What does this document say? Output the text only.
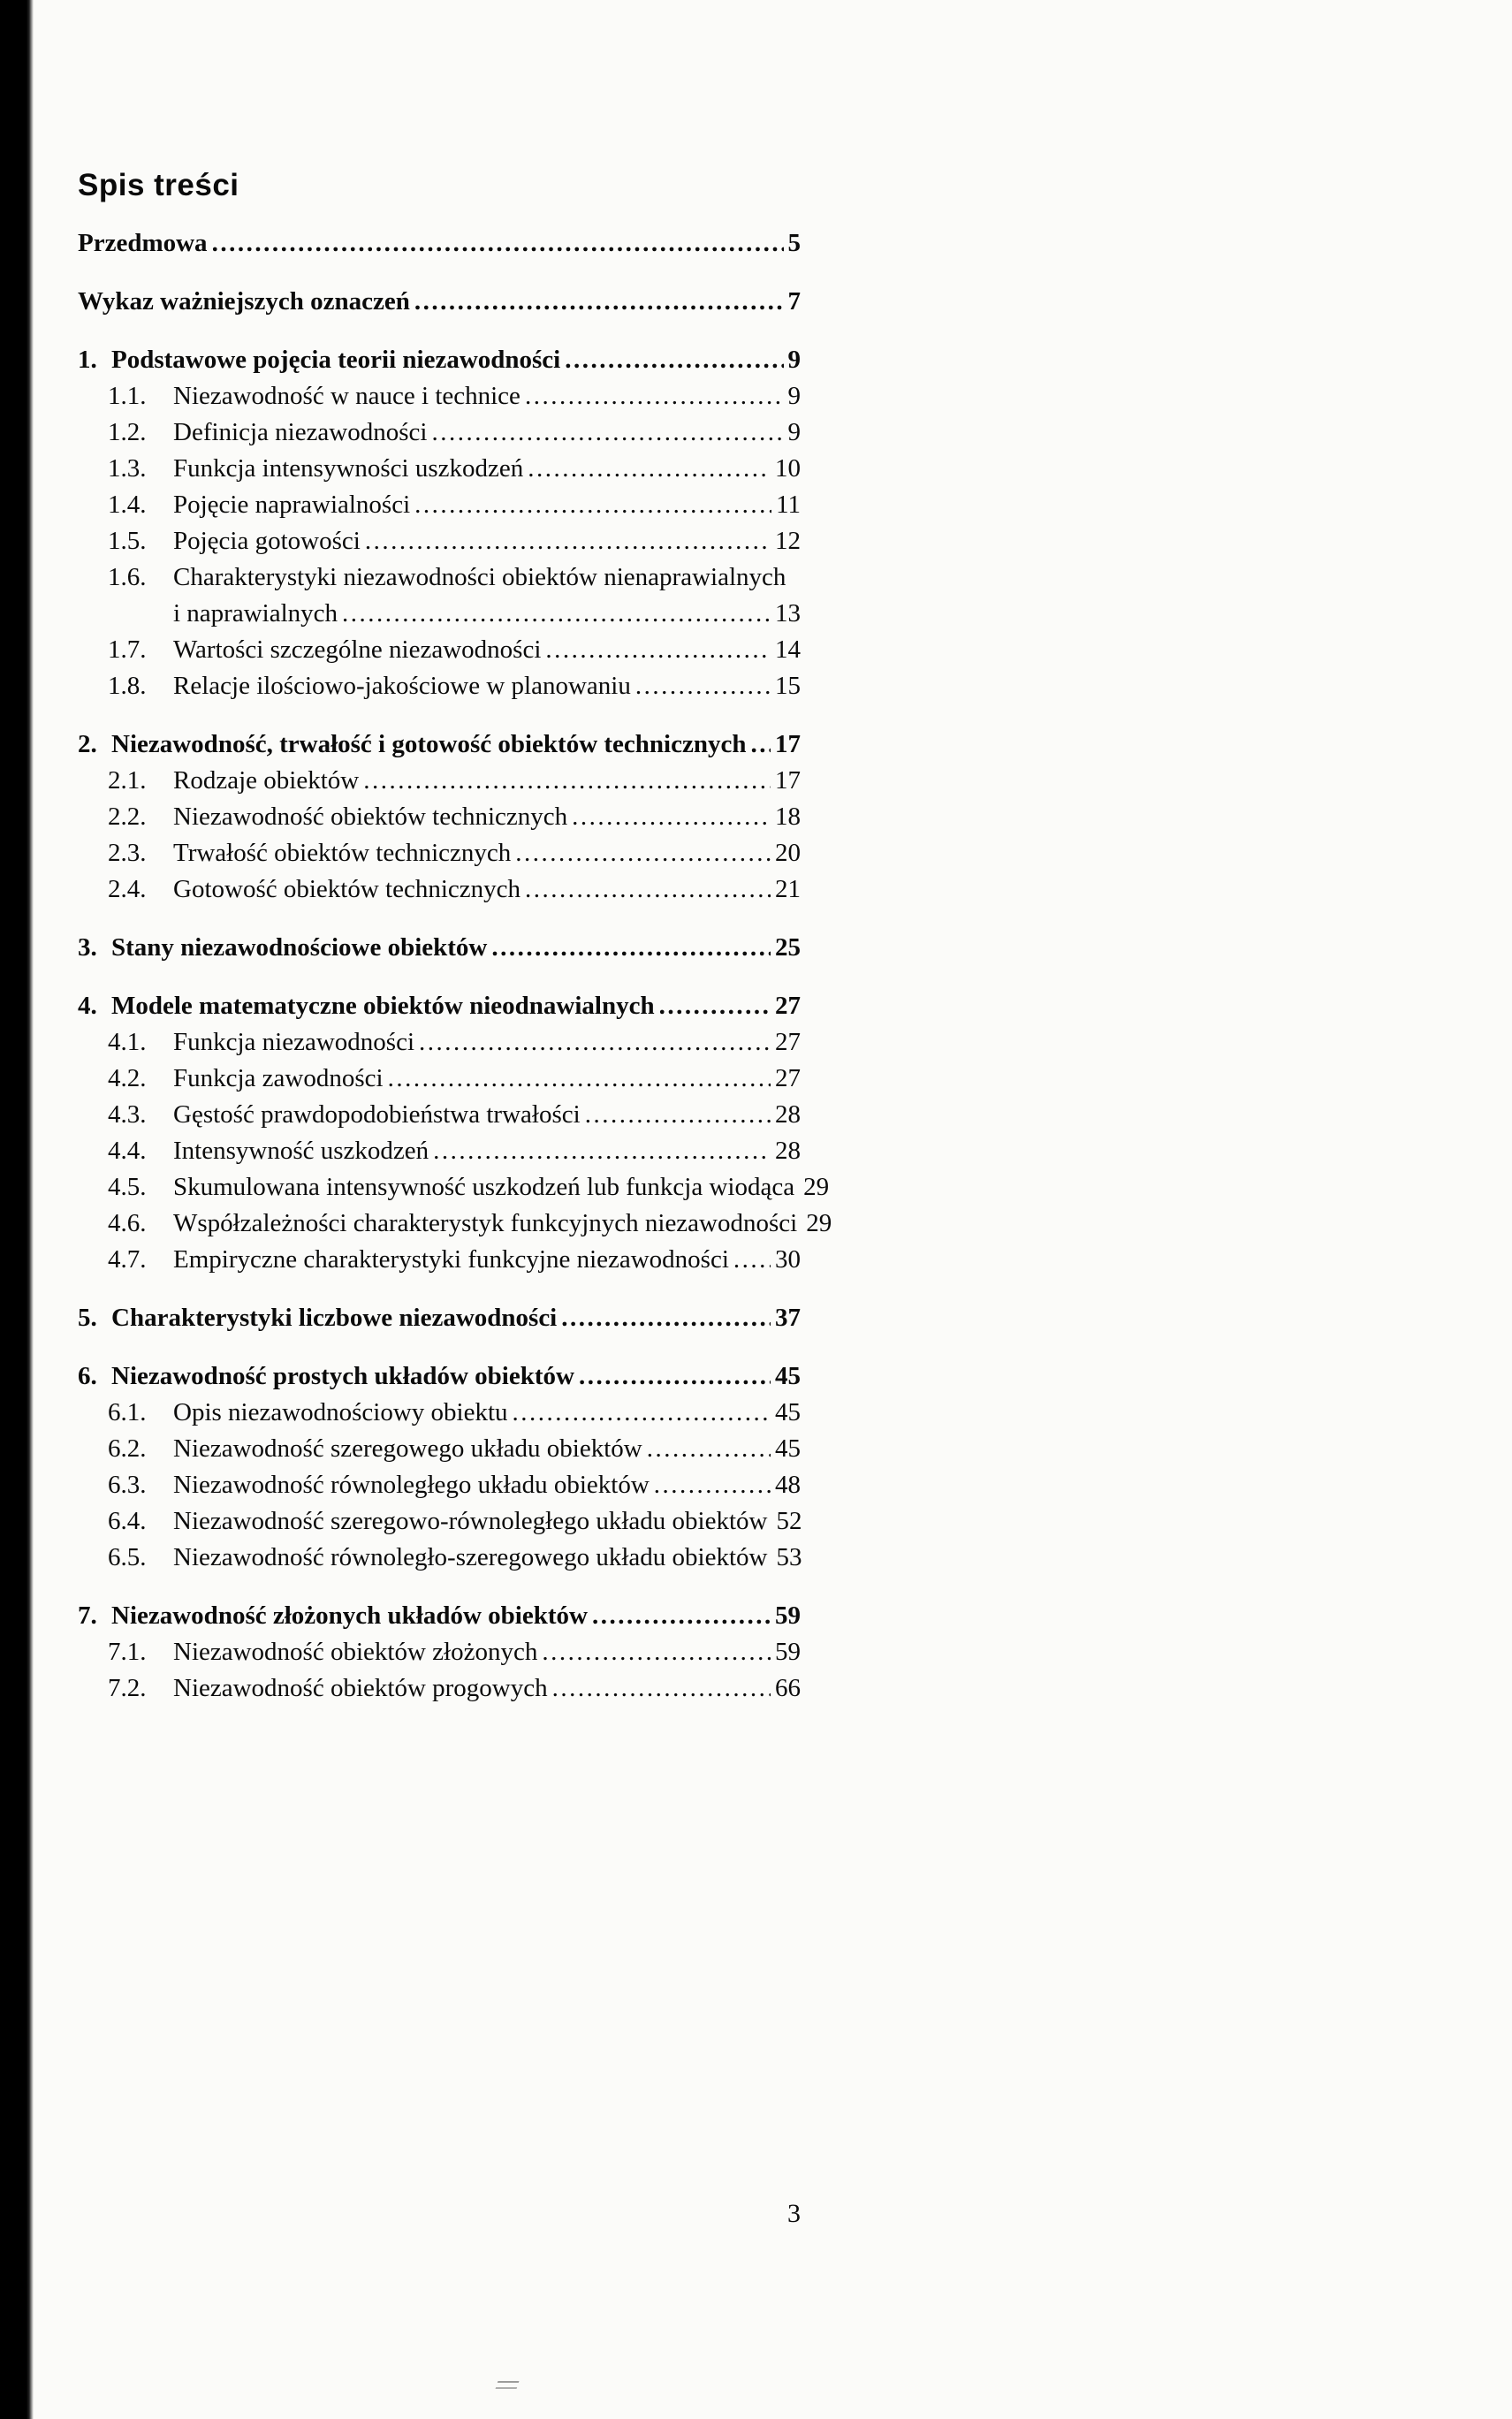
Spis treści
Przedmowa .....	5
Wykaz ważniejszych oznaczeń .....	7
1. Podstawowe pojęcia teorii niezawodności .....	9
1.1.	Niezawodność w nauce i technice .....	9
1.2.	Definicja niezawodności .....	9
1.3.	Funkcja intensywności uszkodzeń .....	10
1.4.	Pojęcie naprawialności .....	11
1.5.	Pojęcia gotowości .....	12
1.6.	Charakterystyki niezawodności obiektów nienaprawialnych
i naprawialnych .....	13
1.7.	Wartości szczególne niezawodności .....	14
1.8.	Relacje ilościowo-jakościowe w planowaniu .....	15
2. Niezawodność, trwałość i gotowość obiektów technicznych ..... 17
2.1.	Rodzaje obiektów .....	17
2.2.	Niezawodność obiektów technicznych .....	18
2.3.	Trwałość obiektów technicznych .....	20
2.4.	Gotowość obiektów technicznych .....	21
3. Stany niezawodnościowe obiektów .....	25
4. Modele matematyczne obiektów nieodnawialnych .....	27
4.1.	Funkcja niezawodności .....	27
4.2.	Funkcja zawodności .....	27
4.3.	Gęstość prawdopodobieństwa trwałości .....	28
4.4.	Intensywność uszkodzeń .....	28
4.5.	Skumulowana intensywność uszkodzeń lub funkcja wiodąca 29
4.6.	Współzależności charakterystyk funkcyjnych niezawodności 29
4.7.	Empiryczne charakterystyki funkcyjne niezawodności ..... 30
5. Charakterystyki liczbowe niezawodności .....	37
6. Niezawodność prostych układów obiektów .....	45
6.1.	Opis niezawodnościowy obiektu .....	45
6.2.	Niezawodność szeregowego układu obiektów .....	45
6.3.	Niezawodność równoległego układu obiektów .....	48
6.4.	Niezawodność szeregowo-równoległego układu obiektów 52
6.5.	Niezawodność równoległo-szeregowego układu obiektów 53
7. Niezawodność złożonych układów obiektów .....	59
7.1.	Niezawodność obiektów złożonych .....	59
7.2.	Niezawodność obiektów progowych .....	66
3
